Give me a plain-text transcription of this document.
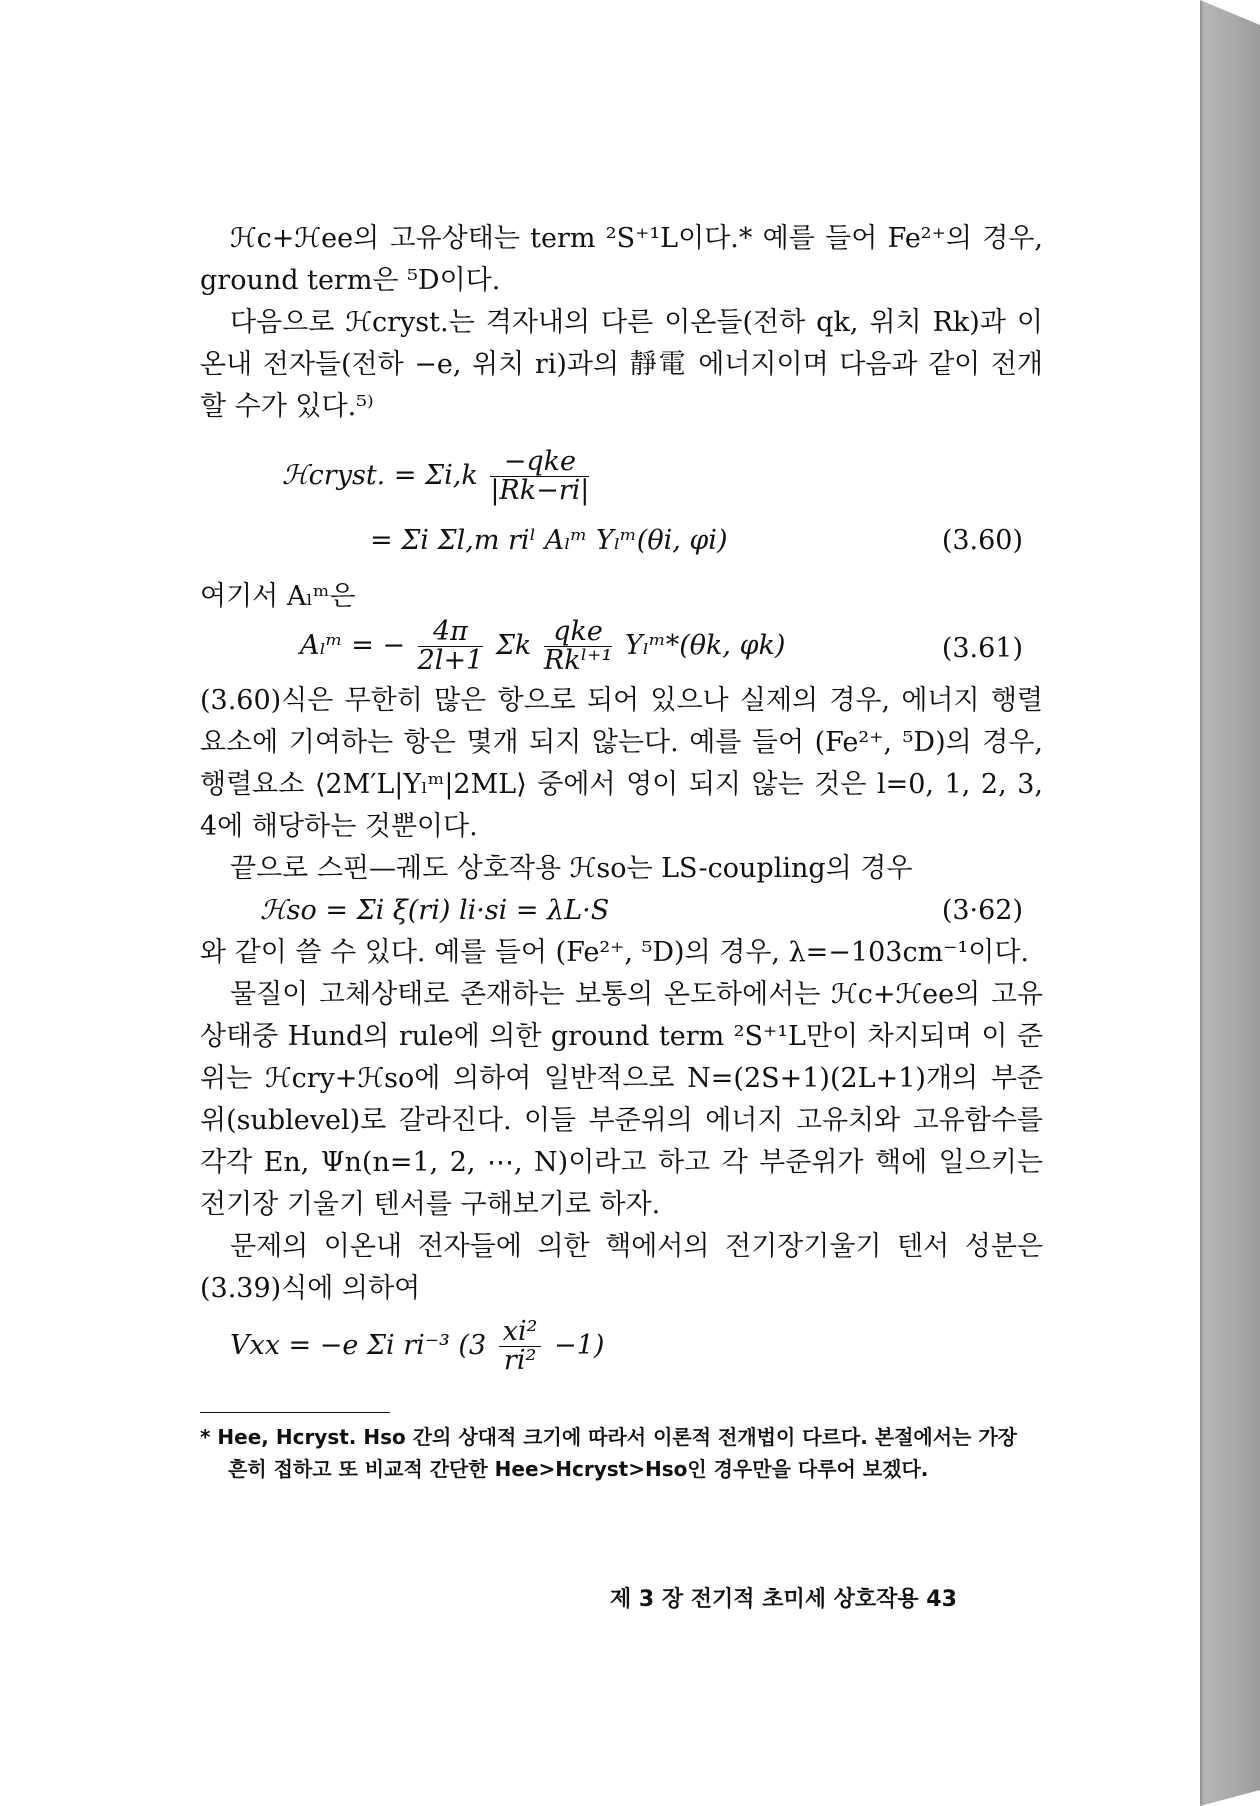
ℋc+ℋee의 고유상태는 term ²S⁺¹L이다.* 예를 들어 Fe²⁺의 경우, ground term은 ⁵D이다.

다음으로 ℋcryst.는 격자내의 다른 이온들(전하 qk, 위치 Rk)과 이온내 전자들(전하 −e, 위치 ri)과의 靜電 에너지이며 다음과 같이 전개할 수가 있다.⁵⁾

ℋcryst. = $\Sigma i,k \frac{\text{−qke}}{|Rk-ri|}$
= Σi Σl,m riˡ Aₗᵐ Yₗᵐ(θi, φi)	(3.60)

여기서 Aₗᵐ은

Aₗᵐ = − $\frac{4\pi}{2l+1}$ Σk $\frac{\text{qke}}{\text{Rkˡ⁺¹}}$ Yₗᵐ*(θk, φk)	(3.61)

(3.60)식은 무한히 많은 항으로 되어 있으나 실제의 경우, 에너지 행렬요소에 기여하는 항은 몇개 되지 않는다. 예를 들어 (Fe²⁺, ⁵D)의 경우, 행렬요소 ⟨2M′L|Yₗᵐ|2ML⟩ 중에서 영이 되지 않는 것은 l=0, 1, 2, 3, 4에 해당하는 것뿐이다.

끝으로 스핀—궤도 상호작용 ℋso는 LS-coupling의 경우

ℋso = Σi ξ(ri) li·si = λL·S	(3·62)

와 같이 쓸 수 있다. 예를 들어 (Fe²⁺, ⁵D)의 경우, λ=−103cm⁻¹이다.

물질이 고체상태로 존재하는 보통의 온도하에서는 ℋc+ℋee의 고유상태중 Hund의 rule에 의한 ground term ²S⁺¹L만이 차지되며 이 준위는 ℋcry+ℋso에 의하여 일반적으로 N=(2S+1)(2L+1)개의 부준위(sublevel)로 갈라진다. 이들 부준위의 에너지 고유치와 고유함수를 각각 En, Ψn(n=1, 2, ⋯, N)이라고 하고 각 부준위가 핵에 일으키는 전기장 기울기 텐서를 구해보기로 하자.

문제의 이온내 전자들에 의한 핵에서의 전기장기울기 텐서 성분은 (3.39)식에 의하여

Vxx = −e Σi ri⁻³ $(3 \frac{\text{xi²}}{\text{ri²}} -1)$
* Hee, Hcryst. Hso 간의 상대적 크기에 따라서 이론적 전개법이 다르다. 본절에서는 가장 흔히 접하고 또 비교적 간단한 Hee>Hcryst>Hso인 경우만을 다루어 보겠다.
제 3 장 전기적 초미세 상호작용 43
